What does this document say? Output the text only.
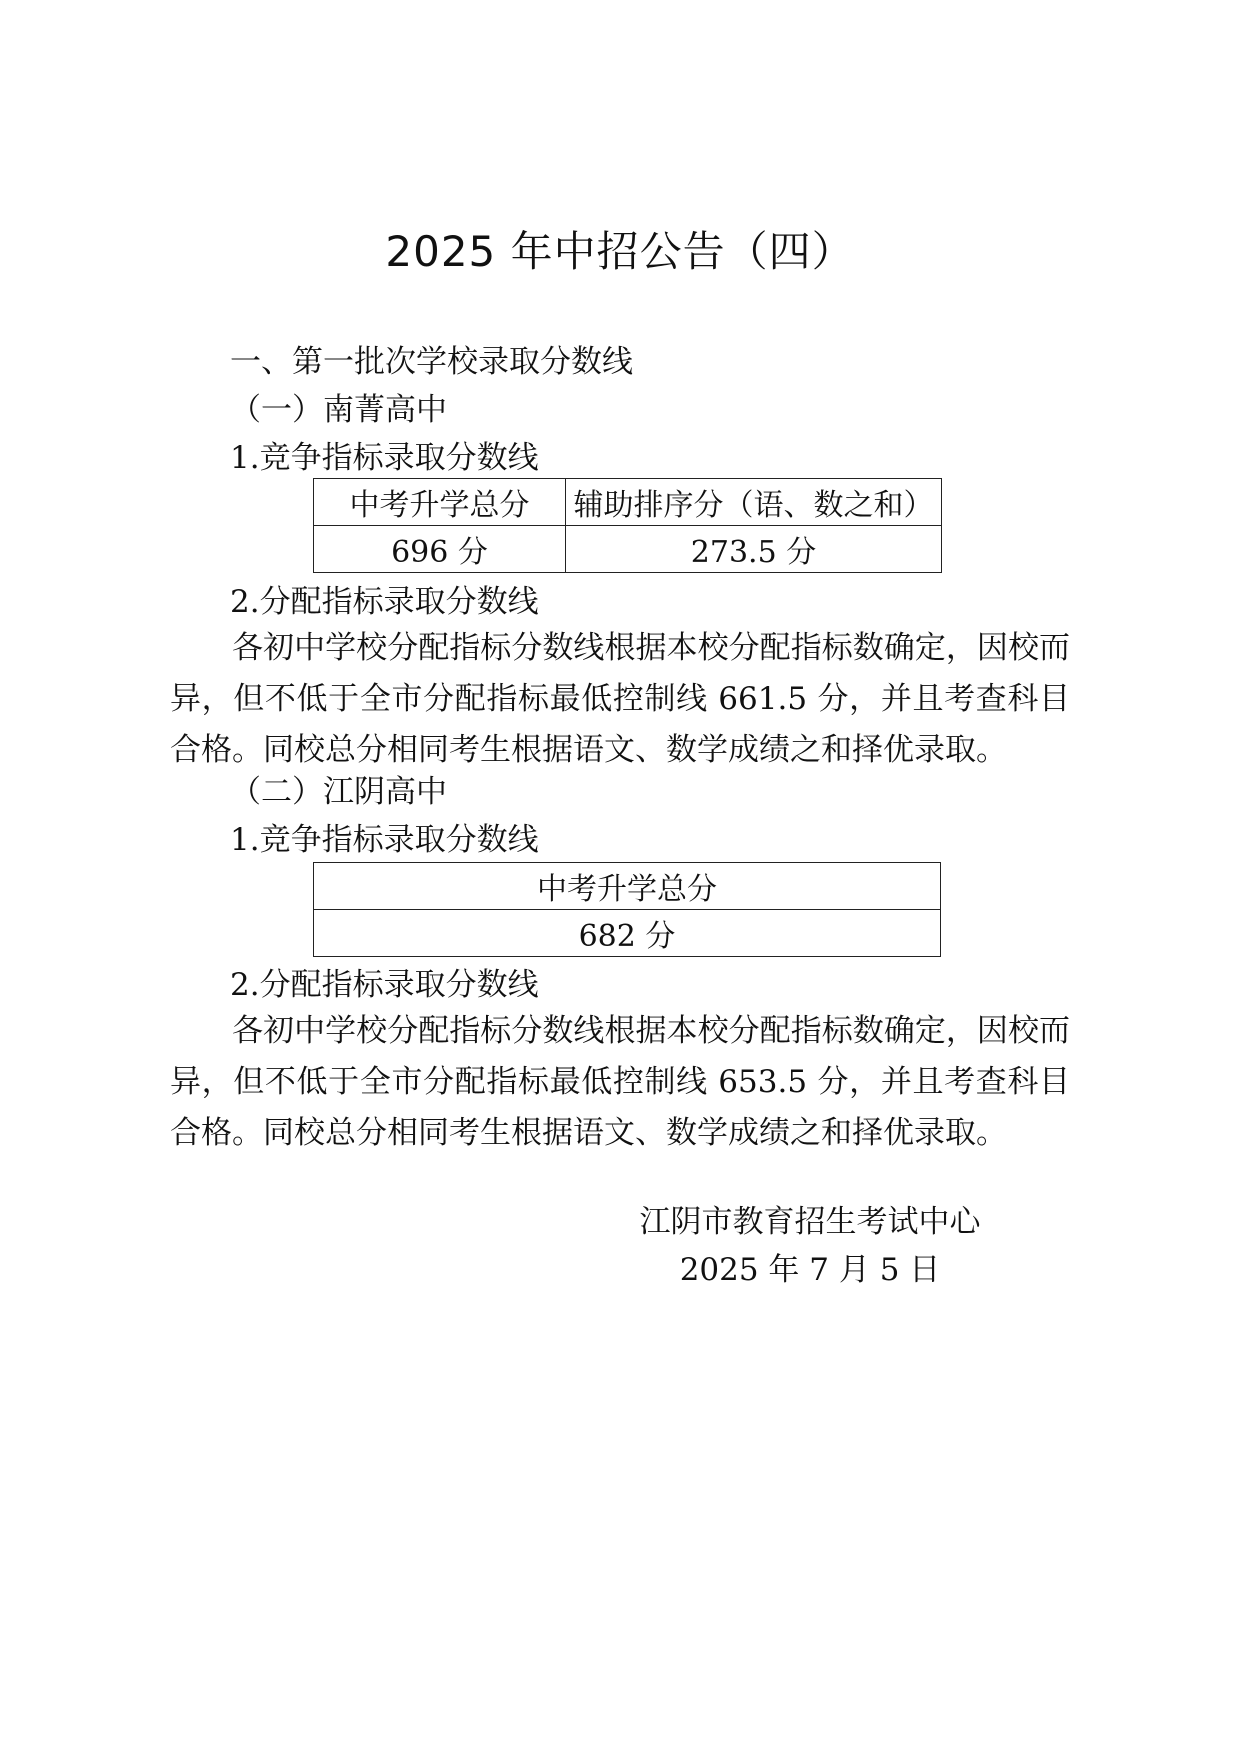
2025 年中招公告（四）
一、第一批次学校录取分数线
（一）南菁高中
1.竞争指标录取分数线
中考升学总分	辅助排序分（语、数之和）
696 分	273.5 分
2.分配指标录取分数线
各初中学校分配指标分数线根据本校分配指标数确定，因校而异，但不低于全市分配指标最低控制线 661.5 分，并且考查科目合格。同校总分相同考生根据语文、数学成绩之和择优录取。
（二）江阴高中
1.竞争指标录取分数线
中考升学总分
682 分
2.分配指标录取分数线
各初中学校分配指标分数线根据本校分配指标数确定，因校而异，但不低于全市分配指标最低控制线 653.5 分，并且考查科目合格。同校总分相同考生根据语文、数学成绩之和择优录取。
江阴市教育招生考试中心
2025 年 7 月 5 日
